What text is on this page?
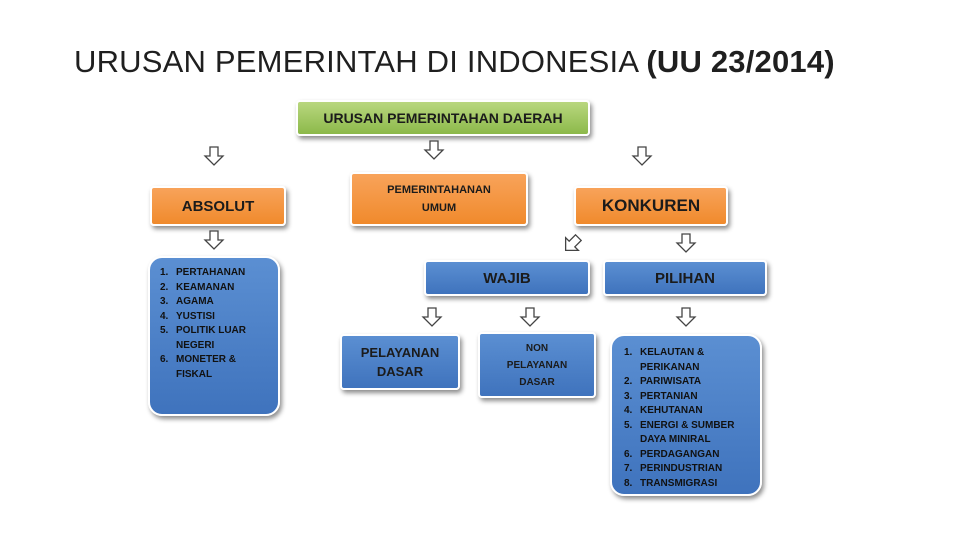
URUSAN PEMERINTAH DI INDONESIA (UU 23/2014)
URUSAN PEMERINTAHAN DAERAH
ABSOLUT
PEMERINTAHANAN
UMUM	KONKUREN
WAJIB	PILIHAN
1. PERTAHANAN
2. KEAMANAN
3. AGAMA
4. YUSTISI
5. POLITIK LUAR NEGERI
6. MONETER & FISKAL
PELAYANAN
DASAR
NON
PELAYANAN
DASAR
1. KELAUTAN & PERIKANAN
2. PARIWISATA
3. PERTANIAN
4. KEHUTANAN
5. ENERGI & SUMBER DAYA MINIRAL
6. PERDAGANGAN
7. PERINDUSTRIAN
8. TRANSMIGRASI
